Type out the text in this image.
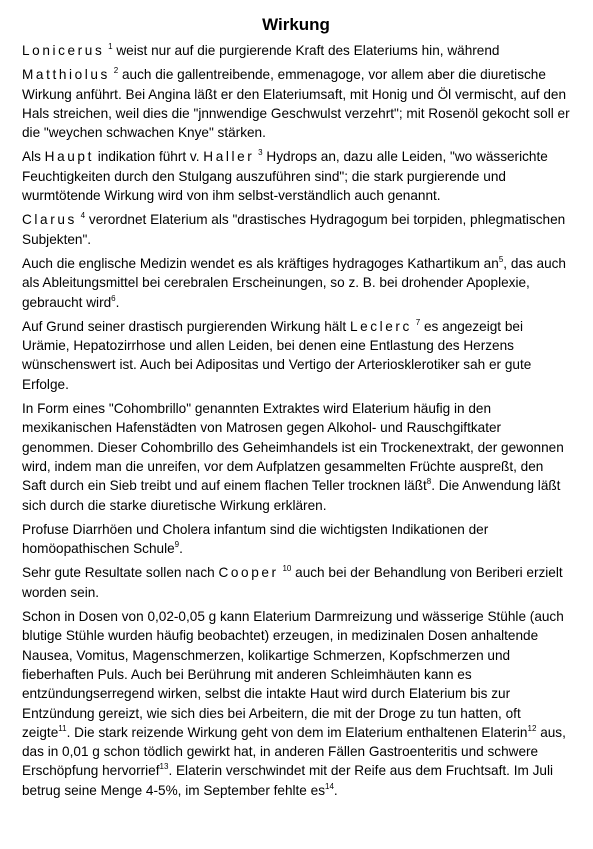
Wirkung

Lonicerus $^1$ weist nur auf die purgierende Kraft des Elateriums hin, während

Matthiolus $^2$ auch die gallentreibende, emmenagoge, vor allem aber die diuretische Wirkung anführt. Bei Angina läßt er den Elateriumsaft, mit Honig und Öl vermischt, auf den Hals streichen, weil dies die "jnnwendige Geschwulst verzehrt"; mit Rosenöl gekocht soll er die "weychen schwachen Knye" stärken.

Als Haupt indikation führt v. Haller $^3$ Hydrops an, dazu alle Leiden, "wo wässerichte Feuchtigkeiten durch den Stulgang auszuführen sind"; die stark purgierende und wurmtötende Wirkung wird von ihm selbst-verständlich auch genannt.

Clarus $^4$ verordnet Elaterium als "drastisches Hydragogum bei torpiden, phlegmatischen Subjekten".

Auch die englische Medizin wendet es als kräftiges hydragoges Kathartikum $an^5$, das auch als Ableitungsmittel bei cerebralen Erscheinungen, so z. B. bei drohender Apoplexie, gebraucht wird$^6$.

Auf Grund seiner drastisch purgierenden Wirkung hält Leclerc $^7$ es angezeigt bei Urämie, Hepatozirrhose und allen Leiden, bei denen eine Entlastung des Herzens wünschenswert ist. Auch bei Adipositas und Vertigo der Arteriosklerotiker sah er gute Erfolge.

In Form eines "Cohombrillo" genannten Extraktes wird Elaterium häufig in den mexikanischen Hafenstädten von Matrosen gegen Alkohol- und Rauschgiftkater genommen. Dieser Cohombrillo des Geheimhandels ist ein Trockenextrakt, der gewonnen wird, indem man die unreifen, vor dem Aufplatzen gesammelten Früchte auspreßt, den Saft durch ein Sieb treibt und auf einem flachen Teller trocknen läßt$^8$. Die Anwendung läßt sich durch die starke diuretische Wirkung erklären.

Profuse Diarrhöen und Cholera infantum sind die wichtigsten Indikationen der homöopathischen Schule$^9$.

Sehr gute Resultate sollen nach Cooper $^{10}$ auch bei der Behandlung von Beriberi erzielt worden sein.

Schon in Dosen von 0,02-0,05 g kann Elaterium Darmreizung und wässerige Stühle (auch blutige Stühle wurden häufig beobachtet) erzeugen, in medizinalen Dosen anhaltende Nausea, Vomitus, Magenschmerzen, kolikartige Schmerzen, Kopfschmerzen und fieberhaften Puls. Auch bei Berührung mit anderen Schleimhäuten kann es entzündungserregend wirken, selbst die intakte Haut wird durch Elaterium bis zur Entzündung gereizt, wie sich dies bei Arbeitern, die mit der Droge zu tun hatten, oft zeigte$^{11}$. Die stark reizende Wirkung geht von dem im Elaterium enthaltenen Elaterin$^{12}$ aus, das in 0,01 g schon tödlich gewirkt hat, in anderen Fällen Gastroenteritis und schwere Erschöpfung hervorrief$^{13}$. Elaterin verschwindet mit der Reife aus dem Fruchtsaft. Im Juli betrug seine Menge 4-5%, im September fehlte $es^{14}$.
